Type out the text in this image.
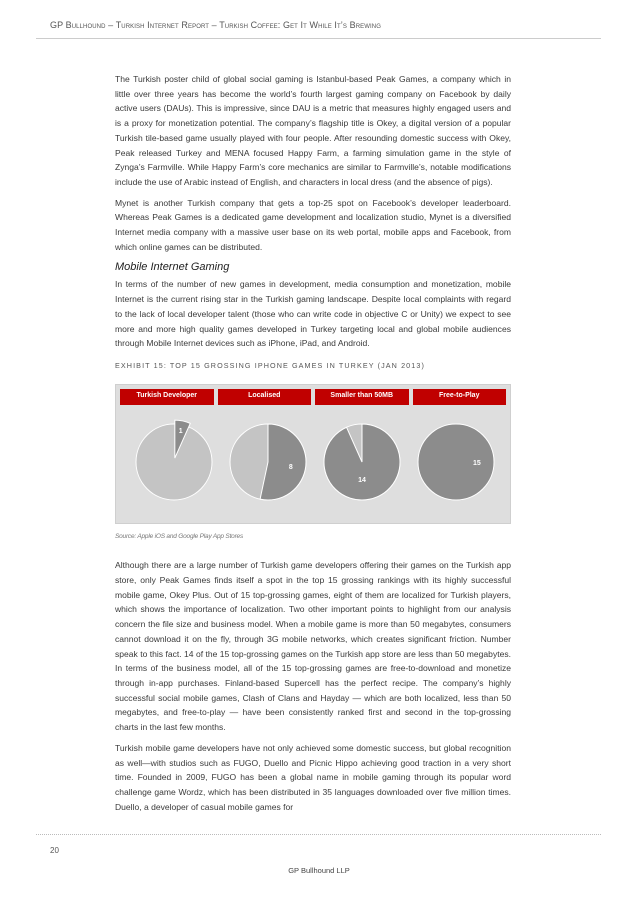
GP Bullhound – Turkish Internet Report – Turkish Coffee: Get It While It’s Brewing

The Turkish poster child of global social gaming is Istanbul-based Peak Games, a company which in little over three years has become the world’s fourth largest gaming company on Facebook by daily active users (DAUs). This is impressive, since DAU is a metric that measures highly engaged users and is a proxy for monetization potential. The company’s flagship title is Okey, a digital version of a popular Turkish tile-based game usually played with four people. After resounding domestic success with Okey, Peak released Turkey and MENA focused Happy Farm, a farming simulation game in the style of Zynga’s Farmville. While Happy Farm’s core mechanics are similar to Farmville’s, notable modifications include the use of Arabic instead of English, and characters in local dress (and the absence of pigs).

Mynet is another Turkish company that gets a top-25 spot on Facebook’s developer leaderboard. Whereas Peak Games is a dedicated game development and localization studio, Mynet is a diversified Internet media company with a massive user base on its web portal, mobile apps and Facebook, from which online games can be distributed.

Mobile Internet Gaming

In terms of the number of new games in development, media consumption and monetization, mobile Internet is the current rising star in the Turkish gaming landscape. Despite local complaints with regard to the lack of local developer talent (those who can write code in objective C or Unity) we expect to see more and more high quality games developed in Turkey targeting local and global mobile audiences through Mobile Internet devices such as iPhone, iPad, and Android.

EXHIBIT 15: TOP 15 GROSSING IPHONE GAMES IN TURKEY (JAN 2013)
Turkish Developer	Localised	Smaller than 50MB	Free-to-Play
1
8
14
15
Source: Apple iOS and Google Play App Stores

Although there are a large number of Turkish game developers offering their games on the Turkish app store, only Peak Games finds itself a spot in the top 15 grossing rankings with its highly successful mobile game, Okey Plus. Out of 15 top-grossing games, eight of them are localized for Turkish players, which shows the importance of localization. Two other important points to highlight from our analysis concern the file size and business model. When a mobile game is more than 50 megabytes, consumers cannot download it on the fly, through 3G mobile networks, which creates significant friction. Number speak to this fact. 14 of the 15 top-grossing games on the Turkish app store are less than 50 megabytes. In terms of the business model, all of the 15 top-grossing games are free-to-download and monetize through in-app purchases. Finland-based Supercell has the perfect recipe. The company’s highly successful social mobile games, Clash of Clans and Hayday — which are both localized, less than 50 megabytes, and free-to-play — have been consistently ranked first and second in the top-grossing charts in the last few months.

Turkish mobile game developers have not only achieved some domestic success, but global recognition as well—with studios such as FUGO, Duello and Picnic Hippo achieving good traction in a very short time. Founded in 2009, FUGO has been a global name in mobile gaming through its popular word challenge game Wordz, which has been distributed in 35 languages downloaded over five million times. Duello, a developer of casual mobile games for

20
GP Bullhound LLP
